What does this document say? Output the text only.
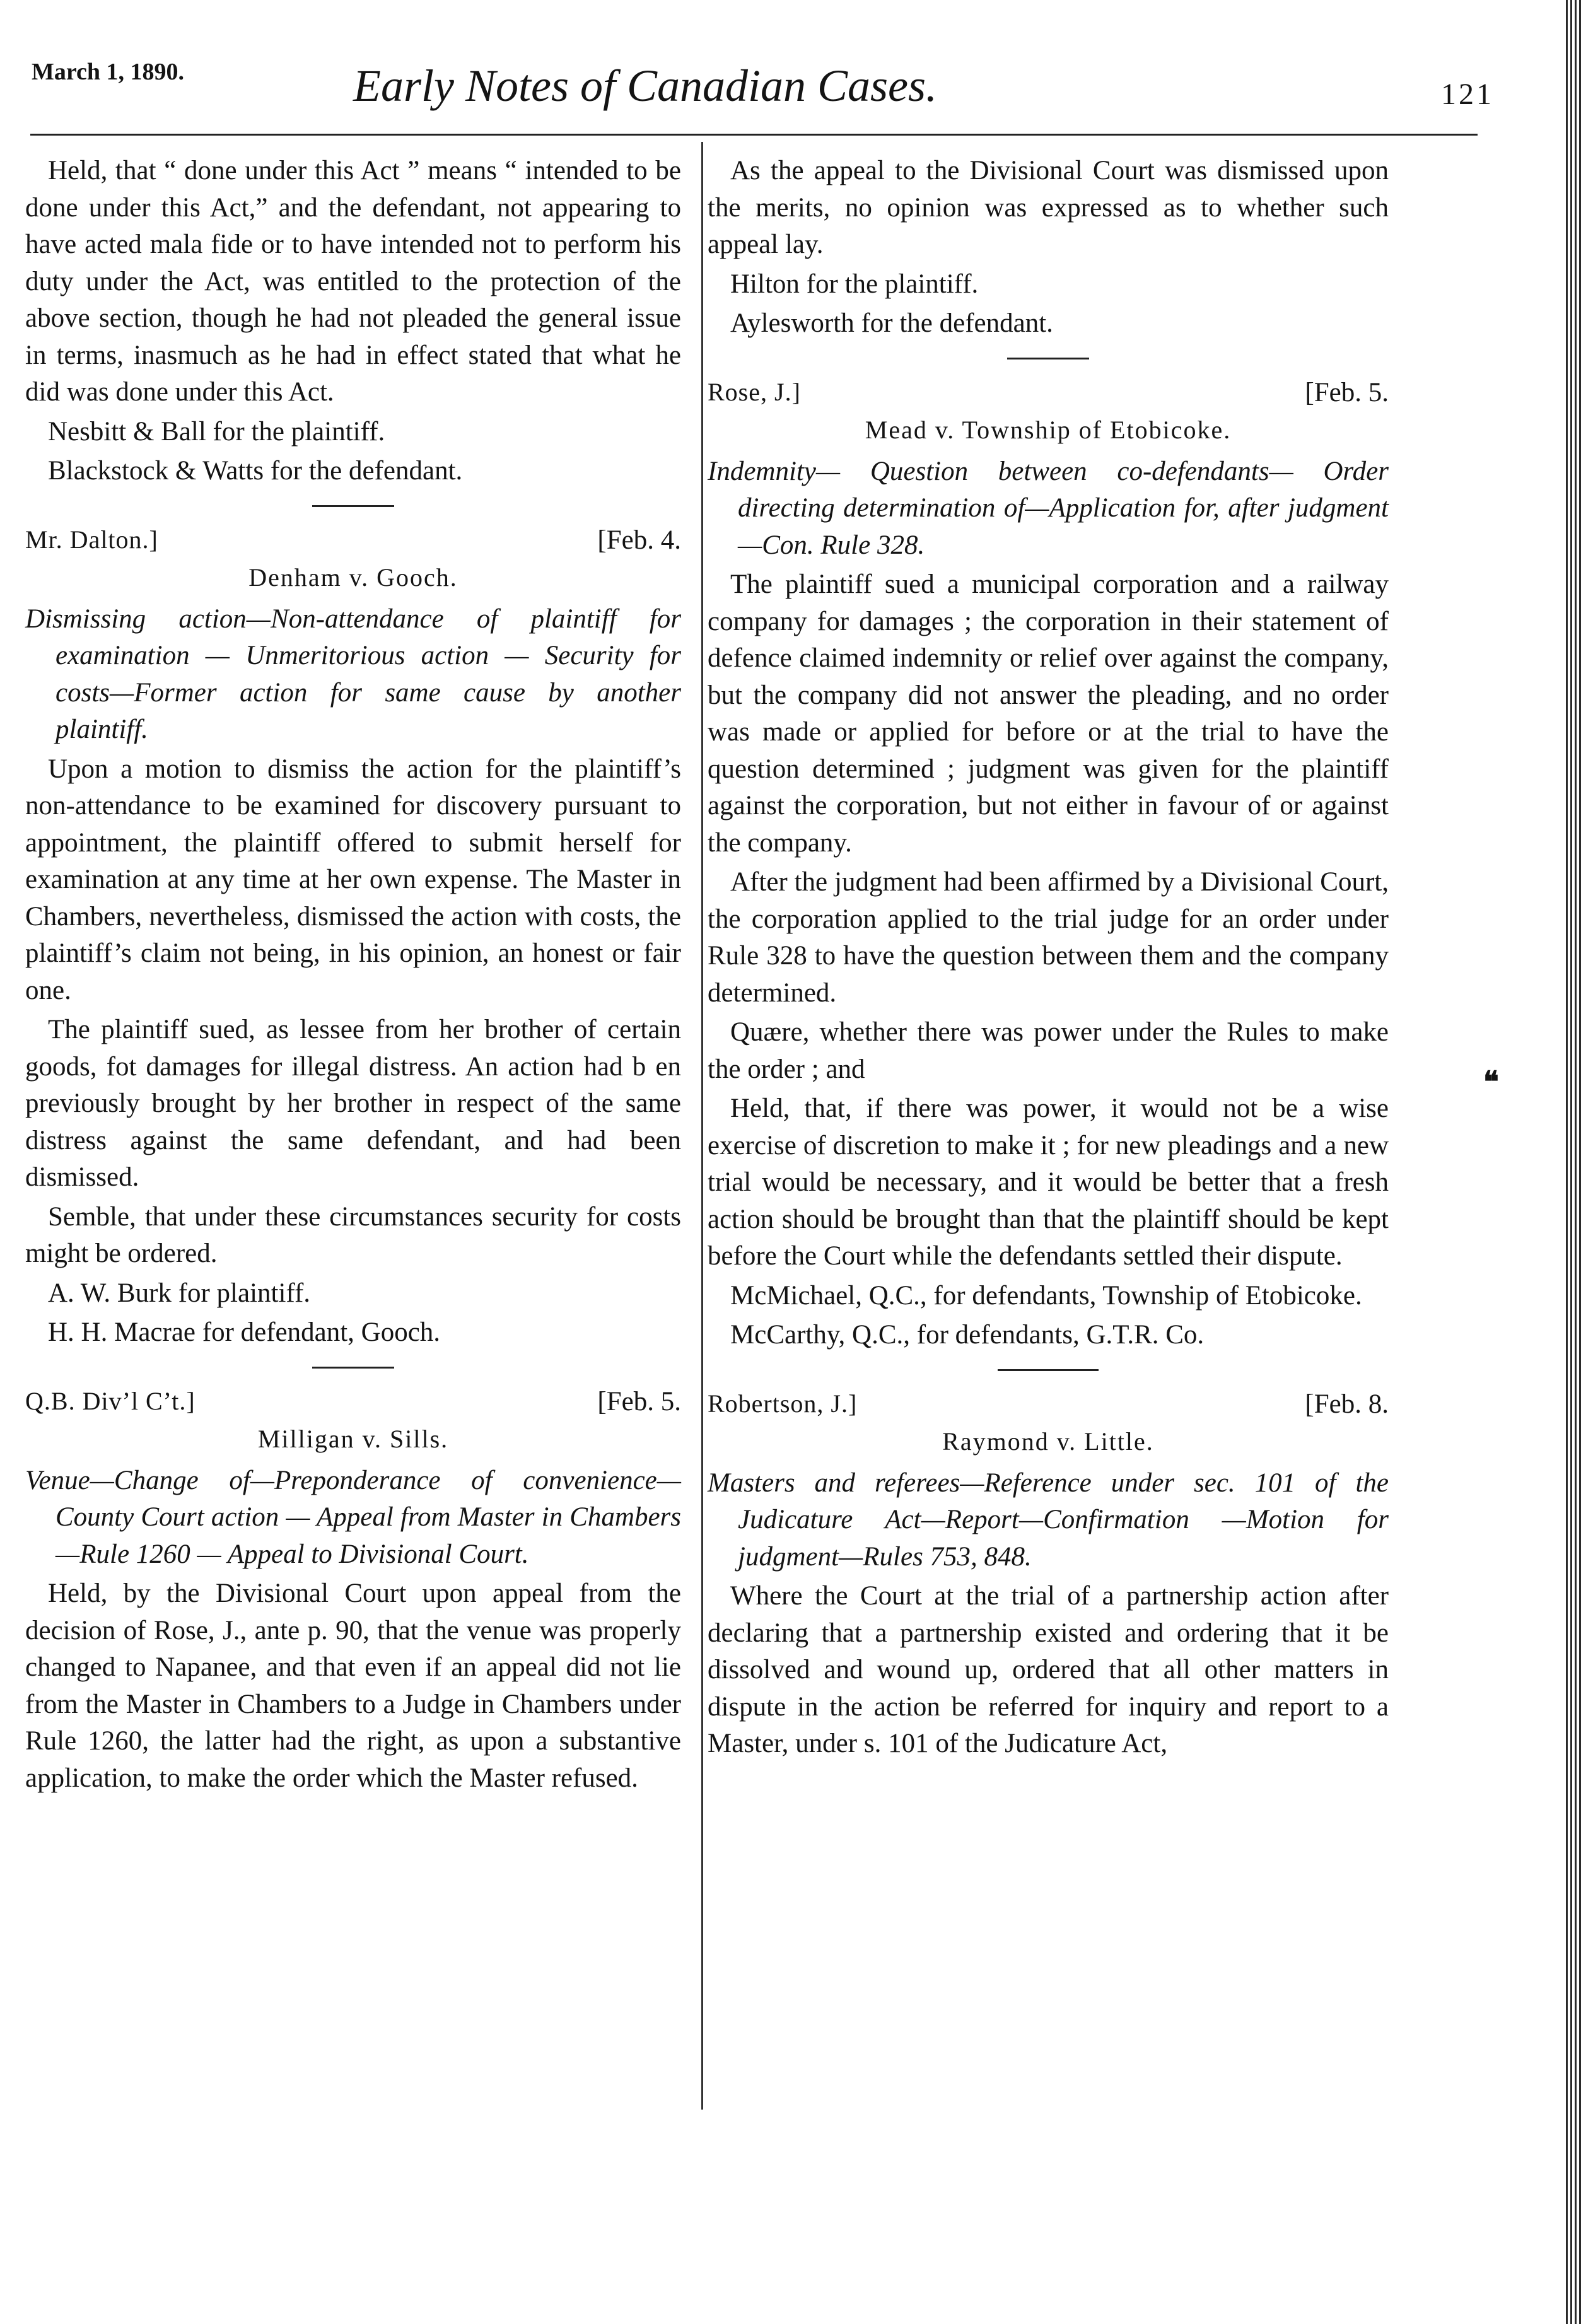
March 1, 1890.	Early Notes of Canadian Cases.	121
❝

Held, that “ done under this Act ” means “ intended to be done under this Act,” and the defendant, not appearing to have acted mala fide or to have intended not to perform his duty under the Act, was entitled to the protection of the above section, though he had not pleaded the general issue in terms, inasmuch as he had in effect stated that what he did was done under this Act.

Nesbitt & Ball for the plaintiff.

Blackstock & Watts for the defendant.

Mr. Dalton.]	[Feb. 4.
Denham v. Gooch.

Dismissing action—Non-attendance of plaintiff for examination — Unmeritorious action — Security for costs—Former action for same cause by another plaintiff.

Upon a motion to dismiss the action for the plaintiff’s non-attendance to be examined for discovery pursuant to appointment, the plaintiff offered to submit herself for examination at any time at her own expense. The Master in Chambers, nevertheless, dismissed the action with costs, the plaintiff’s claim not being, in his opinion, an honest or fair one.

The plaintiff sued, as lessee from her brother of certain goods, fot damages for illegal distress. An action had b en previously brought by her brother in respect of the same distress against the same defendant, and had been dismissed.

Semble, that under these circumstances security for costs might be ordered.

A. W. Burk for plaintiff.

H. H. Macrae for defendant, Gooch.

Q.B. Div’l C’t.]	[Feb. 5.
Milligan v. Sills.

Venue—Change of—Preponderance of convenience—County Court action — Appeal from Master in Chambers—Rule 1260 — Appeal to Divisional Court.

Held, by the Divisional Court upon appeal from the decision of Rose, J., ante p. 90, that the venue was properly changed to Napanee, and that even if an appeal did not lie from the Master in Chambers to a Judge in Chambers under Rule 1260, the latter had the right, as upon a substantive application, to make the order which the Master refused.

As the appeal to the Divisional Court was dismissed upon the merits, no opinion was expressed as to whether such appeal lay.

Hilton for the plaintiff.

Aylesworth for the defendant.

Rose, J.]	[Feb. 5.
Mead v. Township of Etobicoke.

Indemnity— Question between co-defendants— Order directing determination of—Application for, after judgment—Con. Rule 328.

The plaintiff sued a municipal corporation and a railway company for damages ; the corporation in their statement of defence claimed indemnity or relief over against the company, but the company did not answer the pleading, and no order was made or applied for before or at the trial to have the question determined ; judgment was given for the plaintiff against the corporation, but not either in favour of or against the company.

After the judgment had been affirmed by a Divisional Court, the corporation applied to the trial judge for an order under Rule 328 to have the question between them and the company determined.

Quære, whether there was power under the Rules to make the order ; and

Held, that, if there was power, it would not be a wise exercise of discretion to make it ; for new pleadings and a new trial would be necessary, and it would be better that a fresh action should be brought than that the plaintiff should be kept before the Court while the defendants settled their dispute.

McMichael, Q.C., for defendants, Township of Etobicoke.

McCarthy, Q.C., for defendants, G.T.R. Co.

Robertson, J.]	[Feb. 8.
Raymond v. Little.

Masters and referees—Reference under sec. 101 of the Judicature Act—Report—Confirmation —Motion for judgment—Rules 753, 848.

Where the Court at the trial of a partnership action after declaring that a partnership existed and ordering that it be dissolved and wound up, ordered that all other matters in dispute in the action be referred for inquiry and report to a Master, under s. 101 of the Judicature Act,
